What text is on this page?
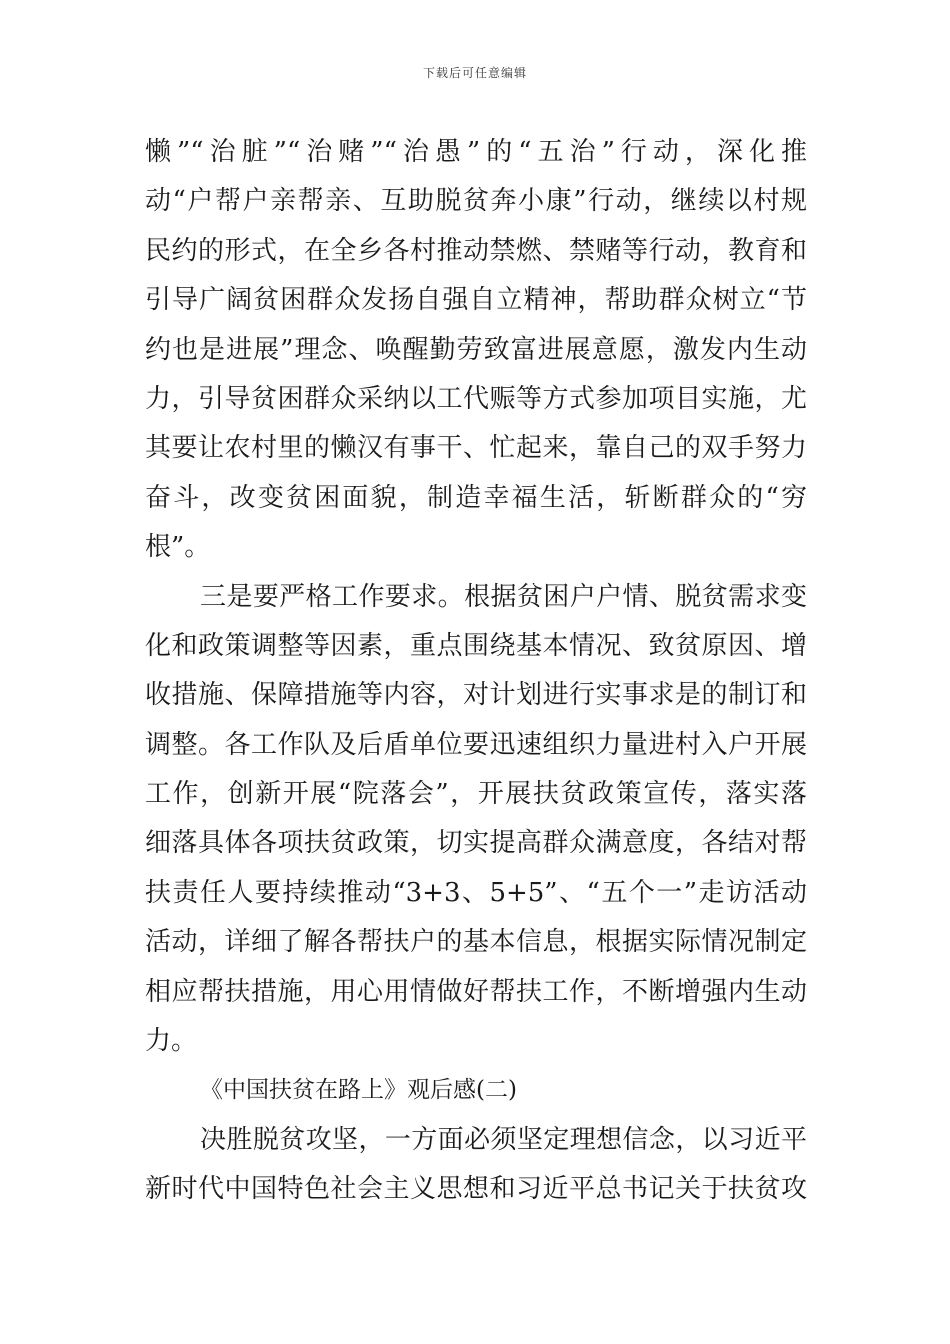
下载后可任意编辑
懒”“治脏”“治赌”“治愚”的“五治”行动，深化推
动“户帮户亲帮亲、互助脱贫奔小康”行动，继续以村规
民约的形式，在全乡各村推动禁燃、禁赌等行动，教育和
引导广阔贫困群众发扬自强自立精神，帮助群众树立“节
约也是进展”理念、唤醒勤劳致富进展意愿，激发内生动
力，引导贫困群众采纳以工代赈等方式参加项目实施，尤
其要让农村里的懒汉有事干、忙起来，靠自己的双手努力
奋斗，改变贫困面貌，制造幸福生活，斩断群众的“穷
根”。
三是要严格工作要求。根据贫困户户情、脱贫需求变
化和政策调整等因素，重点围绕基本情况、致贫原因、增
收措施、保障措施等内容，对计划进行实事求是的制订和
调整。各工作队及后盾单位要迅速组织力量进村入户开展
工作，创新开展“院落会”，开展扶贫政策宣传，落实落
细落具体各项扶贫政策，切实提高群众满意度，各结对帮
扶责任人要持续推动“3+3、5+5”、“五个一”走访活动
活动，详细了解各帮扶户的基本信息，根据实际情况制定
相应帮扶措施，用心用情做好帮扶工作，不断增强内生动
力。
《中国扶贫在路上》观后感(二)
决胜脱贫攻坚，一方面必须坚定理想信念，以习近平
新时代中国特色社会主义思想和习近平总书记关于扶贫攻
